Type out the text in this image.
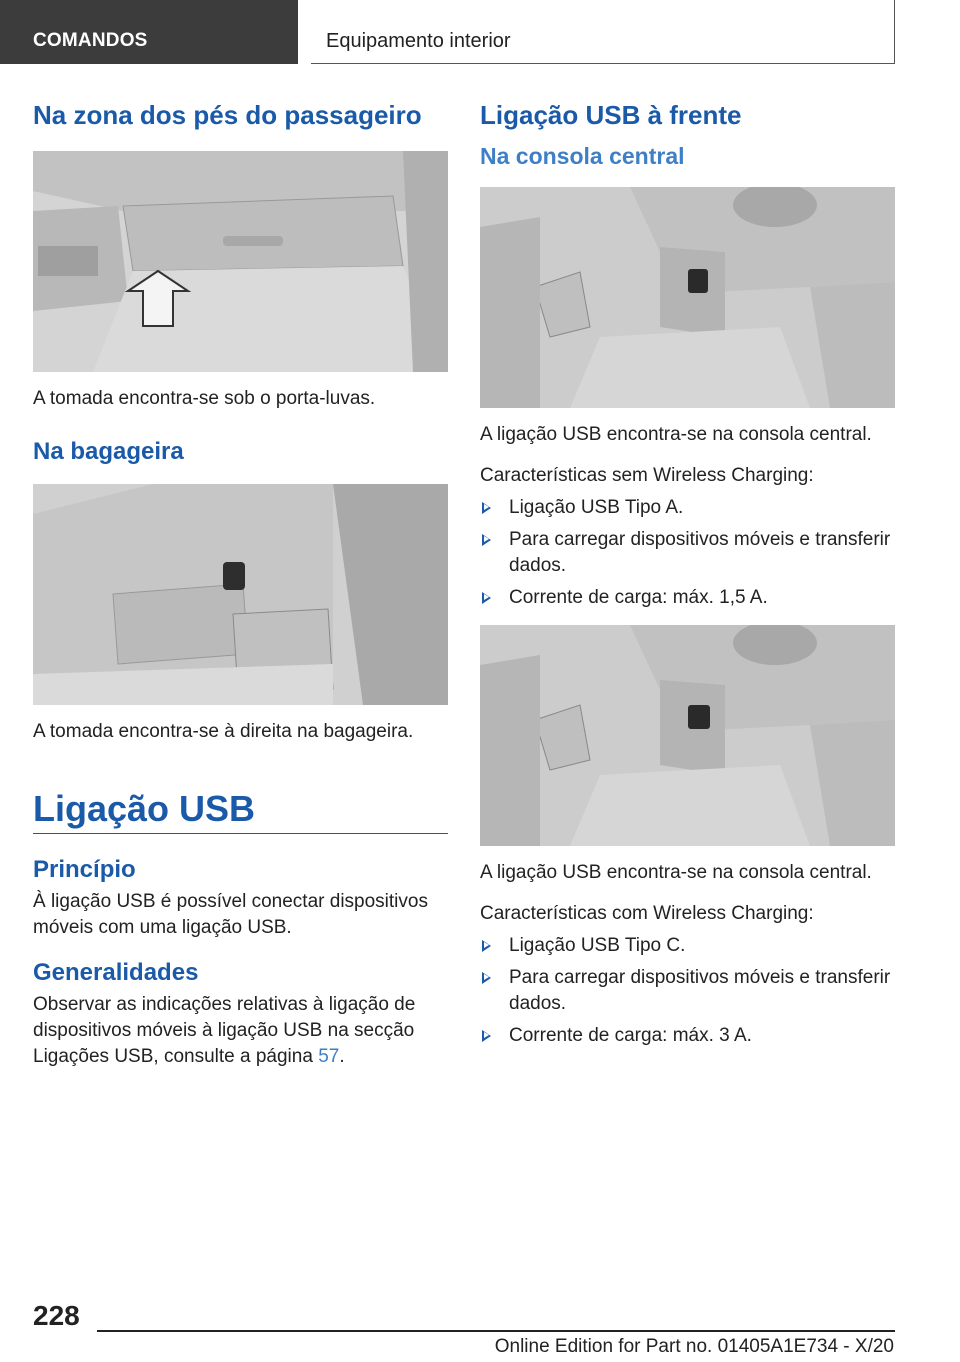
COMANDOS	Equipamento interior
Na zona dos pés do passageiro

A tomada encontra-se sob o porta-luvas.

Na bagageira

A tomada encontra-se à direita na bagageira.

Ligação USB
Princípio

À ligação USB é possível conectar dispositivos móveis com uma ligação USB.

Generalidades

Observar as indicações relativas à ligação de dispositivos móveis à ligação USB na secção Ligações USB, consulte a página 57.

Ligação USB à frente
Na consola central

A ligação USB encontra-se na consola central.

Características sem Wireless Charging:

Ligação USB Tipo A.
Para carregar dispositivos móveis e transferir dados.
Corrente de carga: máx. 1,5 A.

A ligação USB encontra-se na consola central.

Características com Wireless Charging:

Ligação USB Tipo C.
Para carregar dispositivos móveis e transferir dados.
Corrente de carga: máx. 3 A.
228
Online Edition for Part no. 01405A1E734 - X/20
